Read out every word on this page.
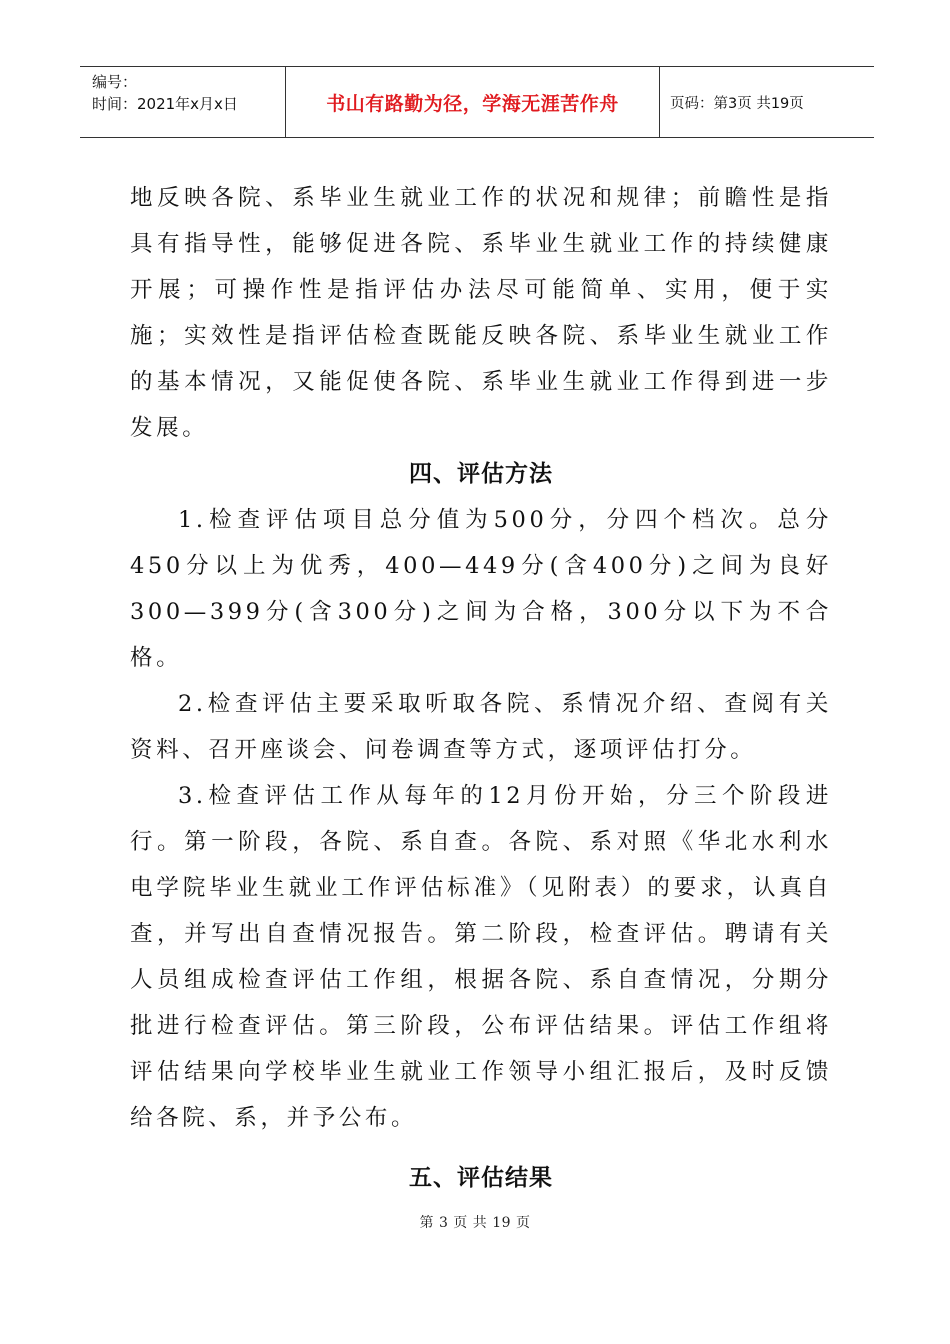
编号：
时间：2021年x月x日	书山有路勤为径，学海无涯苦作舟	页码：第3页 共19页

地反映各院、系毕业生就业工作的状况和规律；前瞻性是指具有指导性，能够促进各院、系毕业生就业工作的持续健康开展；可操作性是指评估办法尽可能简单、实用，便于实施；实效性是指评估检查既能反映各院、系毕业生就业工作的基本情况，又能促使各院、系毕业生就业工作得到进一步发展。

四、评估方法

1.检查评估项目总分值为500分，分四个档次。总分450分以上为优秀，400—449分(含400分)之间为良好300—399分(含300分)之间为合格，300分以下为不合格。

2.检查评估主要采取听取各院、系情况介绍、查阅有关资料、召开座谈会、问卷调查等方式，逐项评估打分。

3.检查评估工作从每年的12月份开始，分三个阶段进行。第一阶段，各院、系自查。各院、系对照《华北水利水电学院毕业生就业工作评估标准》（见附表）的要求，认真自查，并写出自查情况报告。第二阶段，检查评估。聘请有关人员组成检查评估工作组，根据各院、系自查情况，分期分批进行检查评估。第三阶段，公布评估结果。评估工作组将评估结果向学校毕业生就业工作领导小组汇报后，及时反馈给各院、系，并予公布。

五、评估结果
第 3 页 共 19 页
